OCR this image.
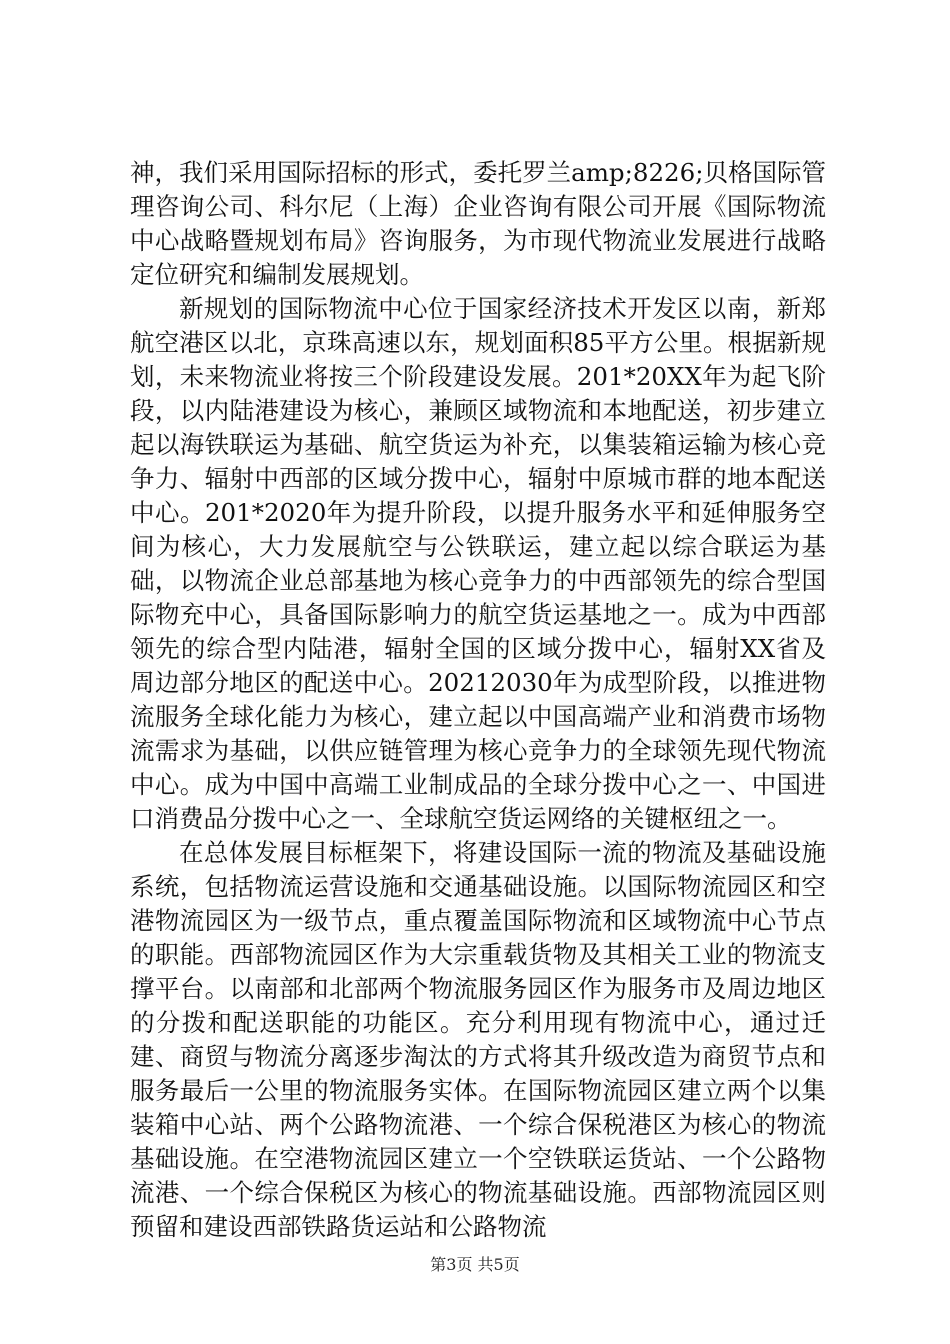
神，我们采用国际招标的形式，委托罗兰amp;8226;贝格国际管理咨询公司、科尔尼（上海）企业咨询有限公司开展《国际物流中心战略暨规划布局》咨询服务，为市现代物流业发展进行战略定位研究和编制发展规划。

新规划的国际物流中心位于国家经济技术开发区以南，新郑航空港区以北，京珠高速以东，规划面积85平方公里。根据新规划，未来物流业将按三个阶段建设发展。201*20XX年为起飞阶段，以内陆港建设为核心，兼顾区域物流和本地配送，初步建立起以海铁联运为基础、航空货运为补充，以集装箱运输为核心竞争力、辐射中西部的区域分拨中心，辐射中原城市群的地本配送中心。201*2020年为提升阶段，以提升服务水平和延伸服务空间为核心，大力发展航空与公铁联运，建立起以综合联运为基础，以物流企业总部基地为核心竞争力的中西部领先的综合型国际物充中心，具备国际影响力的航空货运基地之一。成为中西部领先的综合型内陆港，辐射全国的区域分拨中心，辐射XX省及周边部分地区的配送中心。20212030年为成型阶段，以推进物流服务全球化能力为核心，建立起以中国高端产业和消费市场物流需求为基础，以供应链管理为核心竞争力的全球领先现代物流中心。成为中国中高端工业制成品的全球分拨中心之一、中国进口消费品分拨中心之一、全球航空货运网络的关键枢纽之一。

在总体发展目标框架下，将建设国际一流的物流及基础设施系统，包括物流运营设施和交通基础设施。以国际物流园区和空港物流园区为一级节点，重点覆盖国际物流和区域物流中心节点的职能。西部物流园区作为大宗重载货物及其相关工业的物流支撑平台。以南部和北部两个物流服务园区作为服务市及周边地区的分拨和配送职能的功能区。充分利用现有物流中心，通过迁建、商贸与物流分离逐步淘汰的方式将其升级改造为商贸节点和服务最后一公里的物流服务实体。在国际物流园区建立两个以集装箱中心站、两个公路物流港、一个综合保税港区为核心的物流基础设施。在空港物流园区建立一个空铁联运货站、一个公路物流港、一个综合保税区为核心的物流基础设施。西部物流园区则预留和建设西部铁路货运站和公路物流

第3页 共5页
